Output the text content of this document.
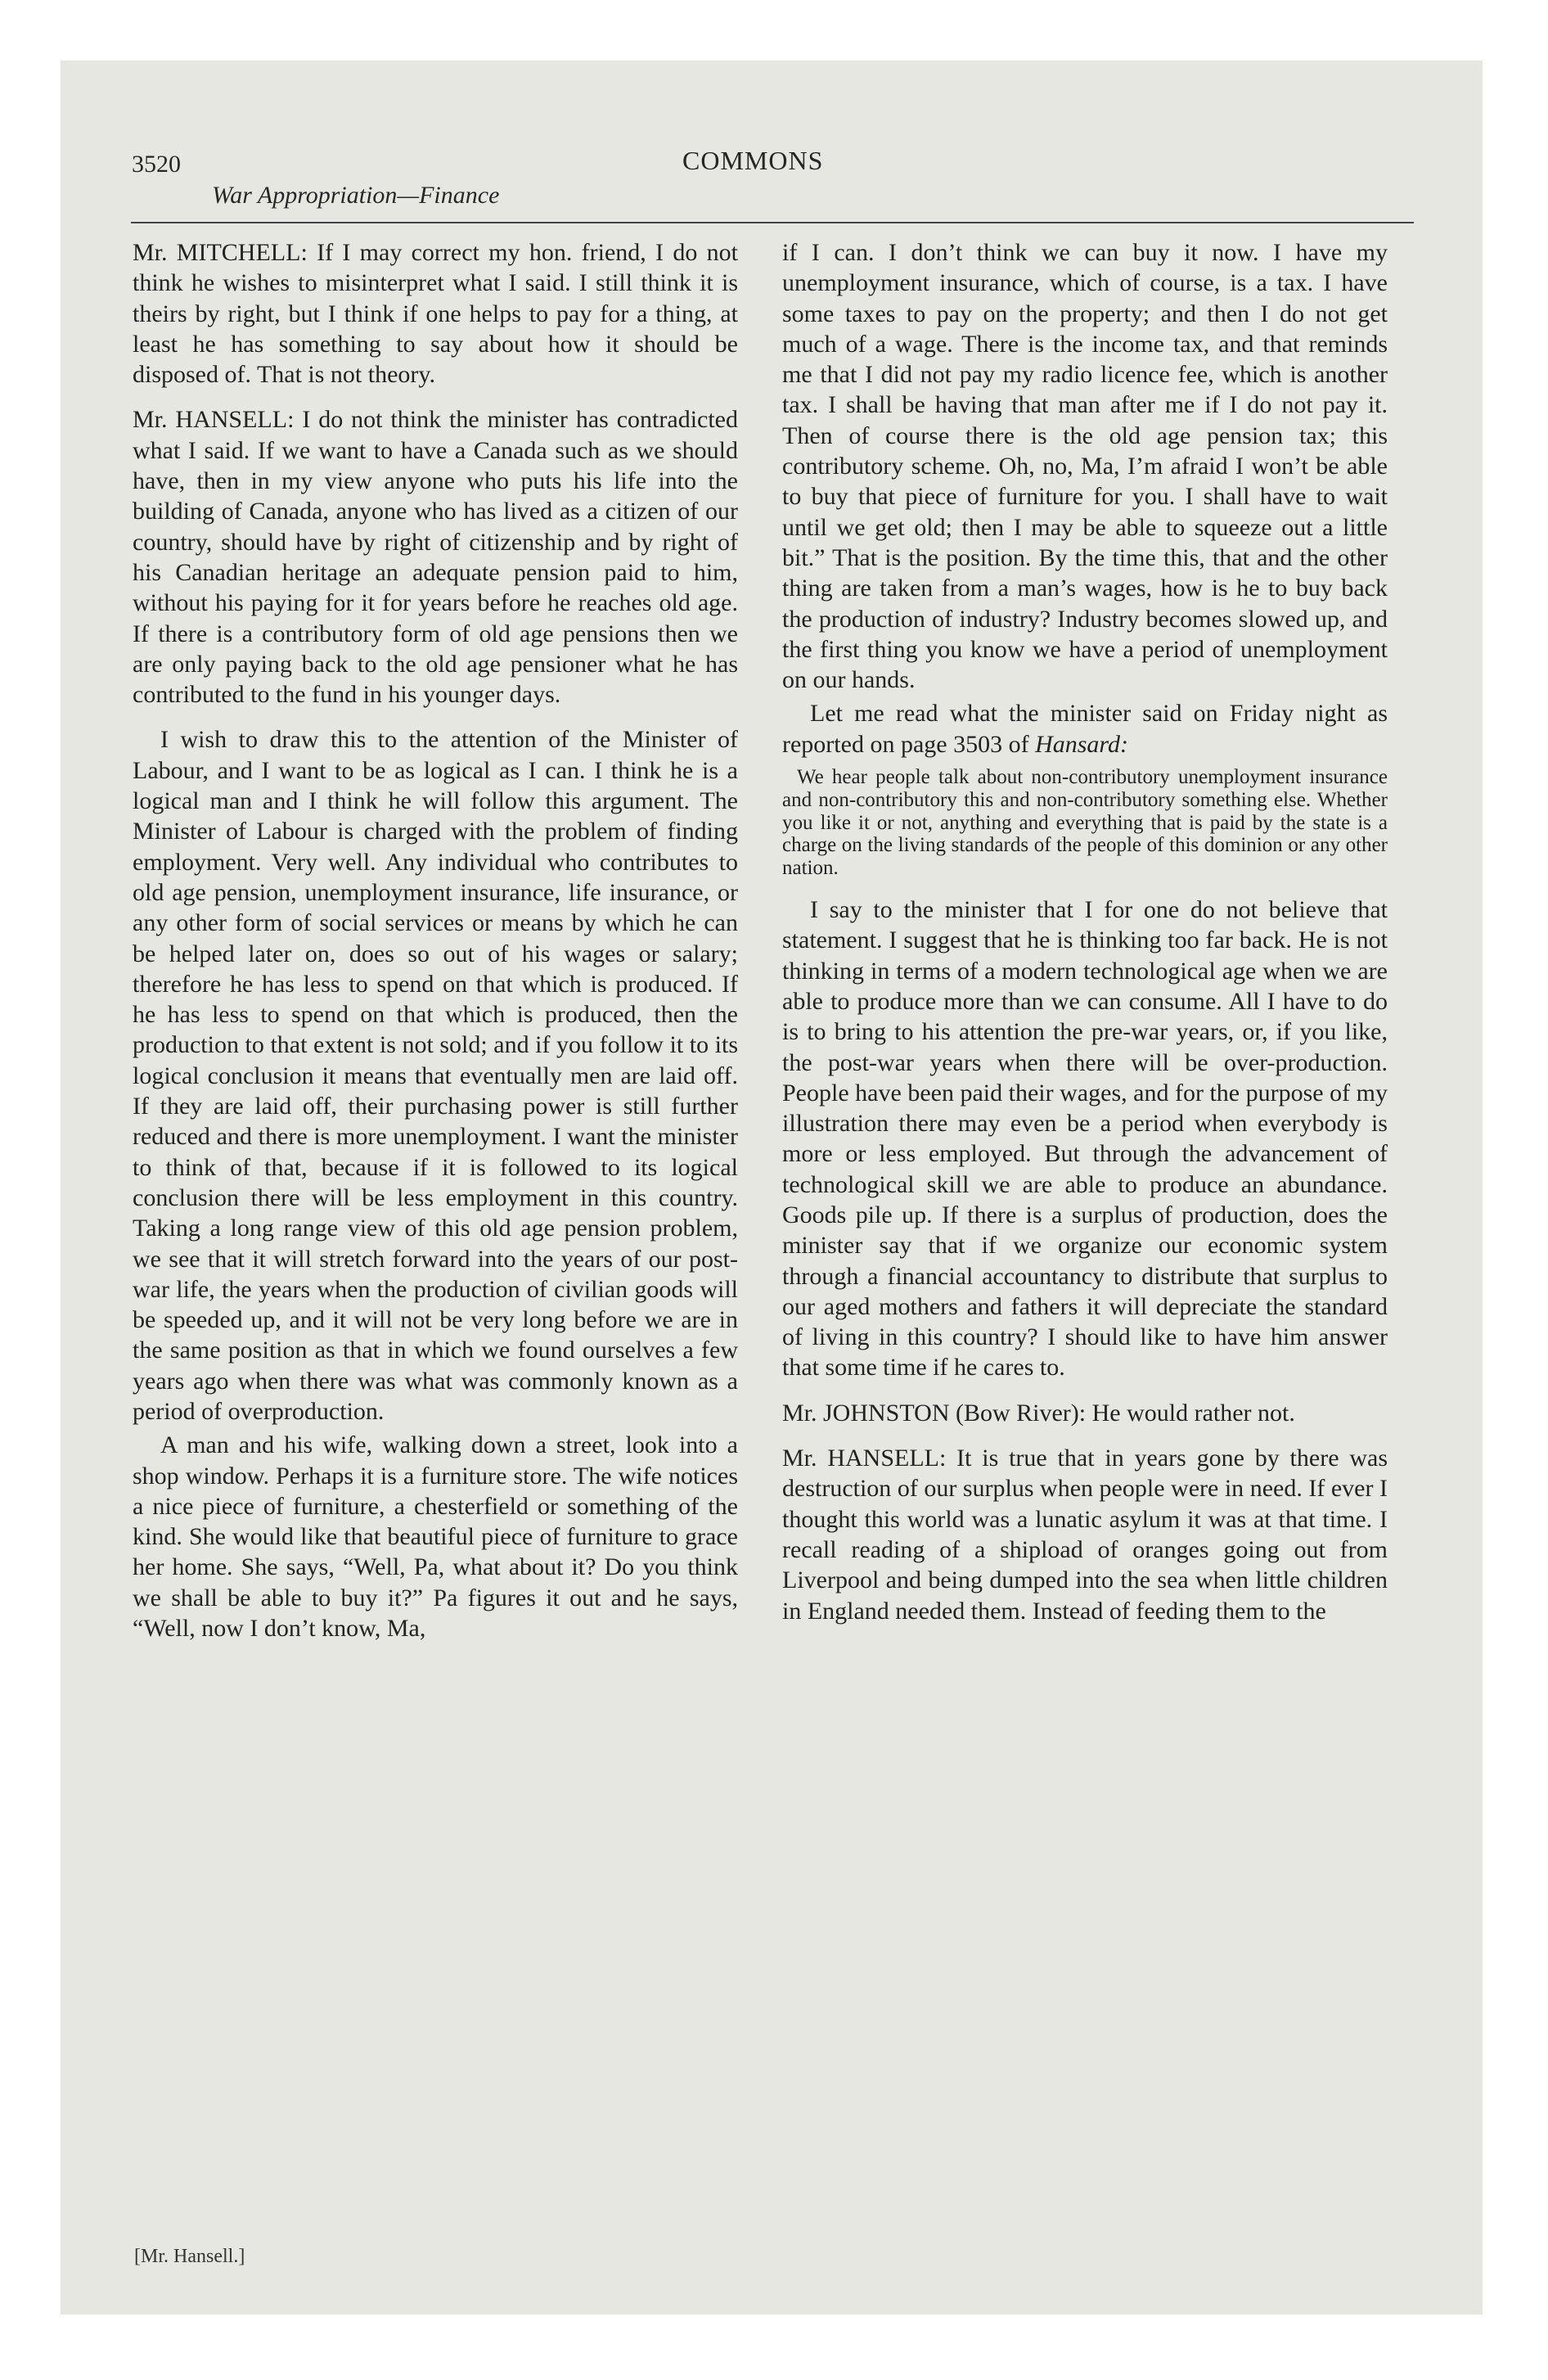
3520
War Appropriation—Finance
COMMONS

Mr. MITCHELL: If I may correct my hon. friend, I do not think he wishes to misinterpret what I said. I still think it is theirs by right, but I think if one helps to pay for a thing, at least he has something to say about how it should be disposed of. That is not theory.

Mr. HANSELL: I do not think the minister has contradicted what I said. If we want to have a Canada such as we should have, then in my view anyone who puts his life into the building of Canada, anyone who has lived as a citizen of our country, should have by right of citizenship and by right of his Canadian heritage an adequate pension paid to him, without his paying for it for years before he reaches old age. If there is a contributory form of old age pensions then we are only paying back to the old age pensioner what he has contributed to the fund in his younger days.

I wish to draw this to the attention of the Minister of Labour, and I want to be as logical as I can. I think he is a logical man and I think he will follow this argument. The Minister of Labour is charged with the problem of finding employment. Very well. Any individual who contributes to old age pension, unemployment insurance, life insurance, or any other form of social services or means by which he can be helped later on, does so out of his wages or salary; therefore he has less to spend on that which is produced. If he has less to spend on that which is produced, then the production to that extent is not sold; and if you follow it to its logical conclusion it means that eventually men are laid off. If they are laid off, their purchasing power is still further reduced and there is more unemployment. I want the minister to think of that, because if it is followed to its logical conclusion there will be less employment in this country. Taking a long range view of this old age pension problem, we see that it will stretch forward into the years of our post-war life, the years when the production of civilian goods will be speeded up, and it will not be very long before we are in the same position as that in which we found ourselves a few years ago when there was what was commonly known as a period of overproduction.

A man and his wife, walking down a street, look into a shop window. Perhaps it is a furniture store. The wife notices a nice piece of furniture, a chesterfield or something of the kind. She would like that beautiful piece of furniture to grace her home. She says, “Well, Pa, what about it? Do you think we shall be able to buy it?” Pa figures it out and he says, “Well, now I don’t know, Ma,

if I can. I don’t think we can buy it now. I have my unemployment insurance, which of course, is a tax. I have some taxes to pay on the property; and then I do not get much of a wage. There is the income tax, and that reminds me that I did not pay my radio licence fee, which is another tax. I shall be having that man after me if I do not pay it. Then of course there is the old age pension tax; this contributory scheme. Oh, no, Ma, I’m afraid I won’t be able to buy that piece of furniture for you. I shall have to wait until we get old; then I may be able to squeeze out a little bit.” That is the position. By the time this, that and the other thing are taken from a man’s wages, how is he to buy back the production of industry? Industry becomes slowed up, and the first thing you know we have a period of unemployment on our hands.

Let me read what the minister said on Friday night as reported on page 3503 of Hansard:

We hear people talk about non-contributory unemployment insurance and non-contributory this and non-contributory something else. Whether you like it or not, anything and everything that is paid by the state is a charge on the living standards of the people of this dominion or any other nation.

I say to the minister that I for one do not believe that statement. I suggest that he is thinking too far back. He is not thinking in terms of a modern technological age when we are able to produce more than we can consume. All I have to do is to bring to his attention the pre-war years, or, if you like, the post-war years when there will be over-production. People have been paid their wages, and for the purpose of my illustration there may even be a period when everybody is more or less employed. But through the advancement of technological skill we are able to produce an abundance. Goods pile up. If there is a surplus of production, does the minister say that if we organize our economic system through a financial accountancy to distribute that surplus to our aged mothers and fathers it will depreciate the standard of living in this country? I should like to have him answer that some time if he cares to.

Mr. JOHNSTON (Bow River): He would rather not.

Mr. HANSELL: It is true that in years gone by there was destruction of our surplus when people were in need. If ever I thought this world was a lunatic asylum it was at that time. I recall reading of a shipload of oranges going out from Liverpool and being dumped into the sea when little children in England needed them. Instead of feeding them to the

[Mr. Hansell.]
